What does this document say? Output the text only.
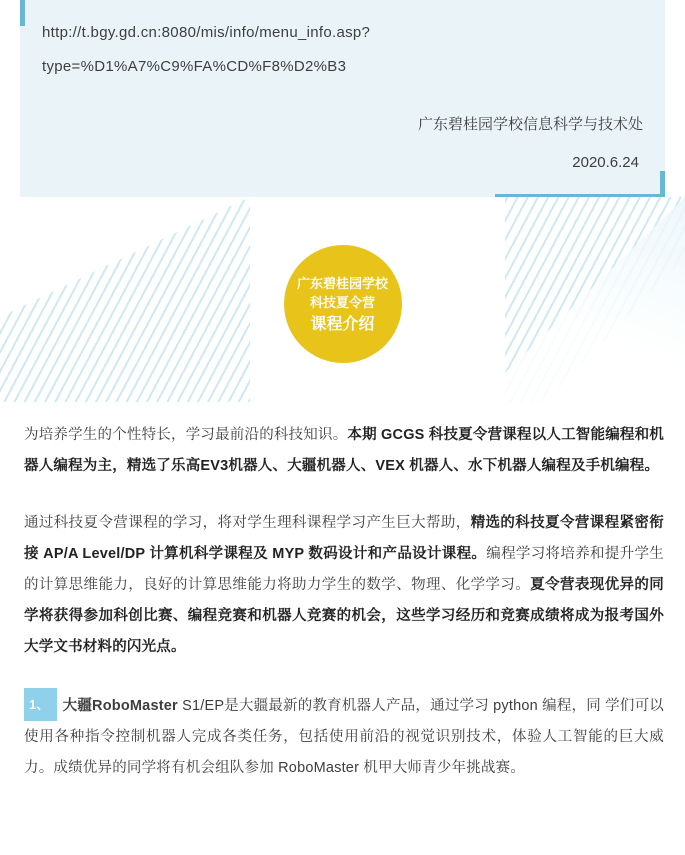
http://t.bgy.gd.cn:8080/mis/info/menu_info.asp?
type=%D1%A7%C9%FA%CD%F8%D2%B3
广东碧桂园学校信息科学与技术处
2020.6.24
广东碧桂园学校
科技夏令营
课程介绍

为培养学生的个性特长，学习最前沿的科技知识。本期 GCGS 科技夏令营课程以人工智能编程和机器人编程为主，精选了乐高EV3机器人、大疆机器人、VEX 机器人、水下机器人编程及手机编程。

通过科技夏令营课程的学习，将对学生理科课程学习产生巨大帮助，精选的科技夏令营课程紧密衔接 AP/A Level/DP 计算机科学课程及 MYP 数码设计和产品设计课程。编程学习将培养和提升学生的计算思维能力，良好的计算思维能力将助力学生的数学、物理、化学学习。夏令营表现优异的同学将获得参加科创比赛、编程竞赛和机器人竞赛的机会，这些学习经历和竞赛成绩将成为报考国外大学文书材料的闪光点。

1、 大疆RoboMaster S1/EP是大疆最新的教育机器人产品，通过学习 python 编程，同 学们可以使用各种指令控制机器人完成各类任务，包括使用前沿的视觉识别技术，体验人工智能的巨大威力。成绩优异的同学将有机会组队参加 RoboMaster 机甲大师青少年挑战赛。
